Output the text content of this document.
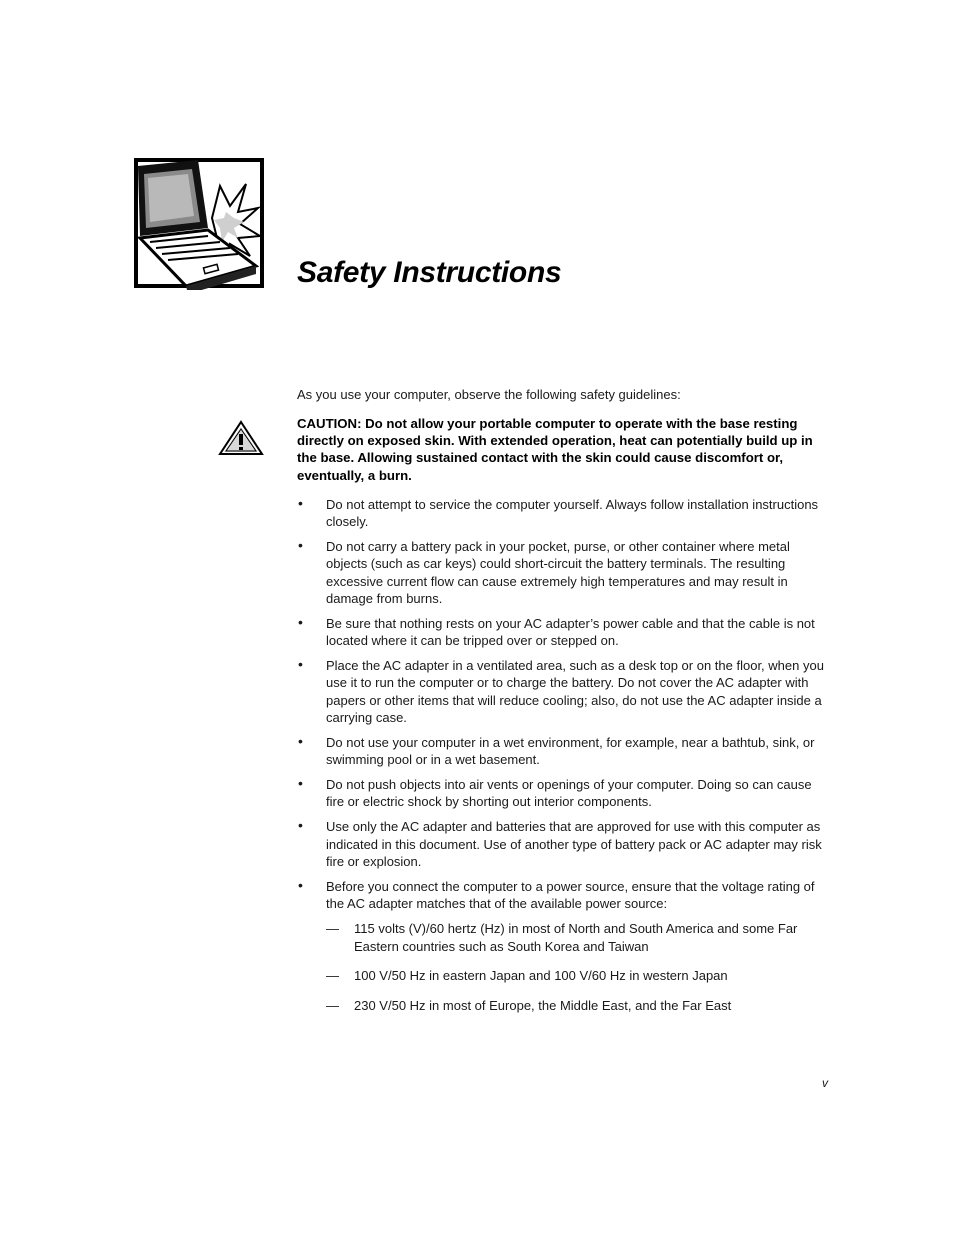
Safety Instructions

As you use your computer, observe the following safety guidelines:

CAUTION: Do not allow your portable computer to operate with the base resting directly on exposed skin. With extended operation, heat can potentially build up in the base. Allowing sustained contact with the skin could cause discomfort or, eventually, a burn.

• Do not attempt to service the computer yourself. Always follow installation instructions closely.
• Do not carry a battery pack in your pocket, purse, or other container where metal objects (such as car keys) could short-circuit the battery terminals. The resulting excessive current flow can cause extremely high temperatures and may result in damage from burns.
• Be sure that nothing rests on your AC adapter’s power cable and that the cable is not located where it can be tripped over or stepped on.
• Place the AC adapter in a ventilated area, such as a desk top or on the floor, when you use it to run the computer or to charge the battery. Do not cover the AC adapter with papers or other items that will reduce cooling; also, do not use the AC adapter inside a carrying case.
• Do not use your computer in a wet environment, for example, near a bathtub, sink, or swimming pool or in a wet basement.
• Do not push objects into air vents or openings of your computer. Doing so can cause fire or electric shock by shorting out interior components.
• Use only the AC adapter and batteries that are approved for use with this computer as indicated in this document. Use of another type of battery pack or AC adapter may risk fire or explosion.
• Before you connect the computer to a power source, ensure that the voltage rating of the AC adapter matches that of the available power source:
— 115 volts (V)/60 hertz (Hz) in most of North and South America and some Far Eastern countries such as South Korea and Taiwan
— 100 V/50 Hz in eastern Japan and 100 V/60 Hz in western Japan
— 230 V/50 Hz in most of Europe, the Middle East, and the Far East
v
